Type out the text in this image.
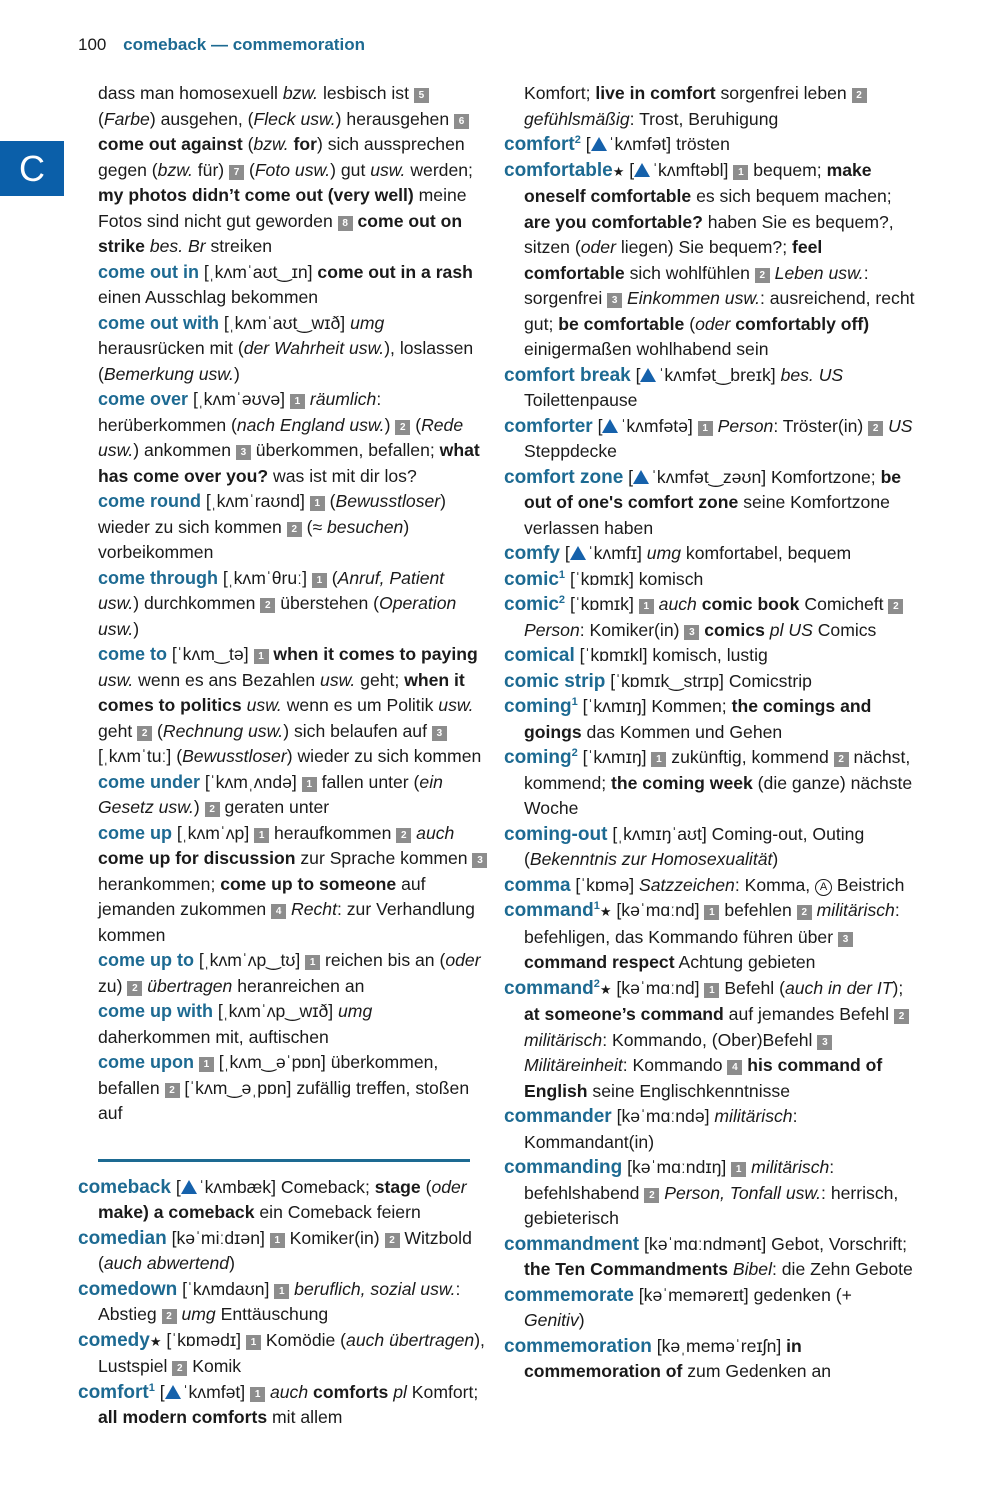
100 comeback — commemoration
C
dass man homosexuell bzw. lesbisch ist 5 (Farbe) ausgehen, (Fleck usw.) herausgehen 6 come out against (bzw. for) sich aussprechen gegen (bzw. für) 7 (Foto usw.) gut usw. werden; my photos didn’t come out (very well) meine Fotos sind nicht gut geworden 8 come out on strike bes. Br streiken
come out in [ˌkʌmˈaʊt‿ɪn] come out in a rash einen Ausschlag bekommen
come out with [ˌkʌmˈaʊt‿wɪð] umg herausrücken mit (der Wahrheit usw.), loslassen (Bemerkung usw.)
come over [ˌkʌmˈəʊvə] 1 räumlich: herüberkommen (nach England usw.) 2 (Rede usw.) ankommen 3 überkommen, befallen; what has come over you? was ist mit dir los?
come round [ˌkʌmˈraʊnd] 1 (Bewusstloser) wieder zu sich kommen 2 (≈ besuchen) vorbeikommen
come through [ˌkʌmˈθruː] 1 (Anruf, Patient usw.) durchkommen 2 überstehen (Operation usw.)
come to [ˈkʌm‿tə] 1 when it comes to paying usw. wenn es ans Bezahlen usw. geht; when it comes to politics usw. wenn es um Politik usw. geht 2 (Rechnung usw.) sich belaufen auf 3 [ˌkʌmˈtuː] (Bewusstloser) wieder zu sich kommen
come under [ˈkʌmˌʌndə] 1 fallen unter (ein Gesetz usw.) 2 geraten unter
come up [ˌkʌmˈʌp] 1 heraufkommen 2 auch come up for discussion zur Sprache kommen 3 herankommen; come up to someone auf jemanden zukommen 4 Recht: zur Verhandlung kommen
come up to [ˌkʌmˈʌp‿tʊ] 1 reichen bis an (oder zu) 2 übertragen heranreichen an
come up with [ˌkʌmˈʌp‿wɪð] umg daherkommen mit, auftischen
come upon 1 [ˌkʌm‿əˈpɒn] überkommen, befallen 2 [ˈkʌm‿əˌpɒn] zufällig treffen, stoßen auf
comeback [ ˈkʌmbæk] Comeback; stage (oder make) a comeback ein Comeback feiern
comedian [kəˈmiːdɪən] 1 Komiker(in) 2 Witzbold (auch abwertend)
comedown [ˈkʌmdaʊn] 1 beruflich, sozial usw.: Abstieg 2 umg Enttäuschung
comedy★ [ˈkɒmədɪ] 1 Komödie (auch übertragen), Lustspiel 2 Komik
comfort$^1$ [ ˈkʌmfət] 1 auch comforts pl Komfort; all modern comforts mit allem
Komfort; live in comfort sorgenfrei leben 2 gefühlsmäßig: Trost, Beruhigung
comfort$^2$ [ ˈkʌmfət] trösten
comfortable★ [ ˈkʌmftəbl] 1 bequem; make oneself comfortable es sich bequem machen; are you comfortable? haben Sie es bequem?, sitzen (oder liegen) Sie bequem?; feel comfortable sich wohlfühlen 2 Leben usw.: sorgenfrei 3 Einkommen usw.: ausreichend, recht gut; be comfortable (oder comfortably off) einigermaßen wohlhabend sein
comfort break [ ˈkʌmfət‿breɪk] bes. US Toilettenpause
comforter [ ˈkʌmfətə] 1 Person: Tröster(in) 2 US Steppdecke
comfort zone [ ˈkʌmfət‿zəʊn] Komfortzone; be out of one's comfort zone seine Komfortzone verlassen haben
comfy [ ˈkʌmfɪ] umg komfortabel, bequem
comic$^1$ [ˈkɒmɪk] komisch
comic$^2$ [ˈkɒmɪk] 1 auch comic book Comicheft 2 Person: Komiker(in) 3 comics pl US Comics
comical [ˈkɒmɪkl] komisch, lustig
comic strip [ˈkɒmɪk‿strɪp] Comicstrip
coming$^1$ [ˈkʌmɪŋ] Kommen; the comings and goings das Kommen und Gehen
coming$^2$ [ˈkʌmɪŋ] 1 zukünftig, kommend 2 nächst, kommend; the coming week (die ganze) nächste Woche
coming-out [ˌkʌmɪŋˈaʊt] Coming-out, Outing (Bekenntnis zur Homosexualität)
comma [ˈkɒmə] Satzzeichen: Komma, A Beistrich
command$^1$★ [kəˈmɑːnd] 1 befehlen 2 militärisch: befehligen, das Kommando führen über 3 command respect Achtung gebieten
command$^2$★ [kəˈmɑːnd] 1 Befehl (auch in der IT); at someone’s command auf jemandes Befehl 2 militärisch: Kommando, (Ober)Befehl 3 Militäreinheit: Kommando 4 his command of English seine Englischkenntnisse
commander [kəˈmɑːndə] militärisch: Kommandant(in)
commanding [kəˈmɑːndɪŋ] 1 militärisch: befehlshabend 2 Person, Tonfall usw.: herrisch, gebieterisch
commandment [kəˈmɑːndmənt] Gebot, Vorschrift; the Ten Commandments Bibel: die Zehn Gebote
commemorate [kəˈmeməreɪt] gedenken (+ Genitiv)
commemoration [kəˌmeməˈreɪʃn] in commemoration of zum Gedenken an
